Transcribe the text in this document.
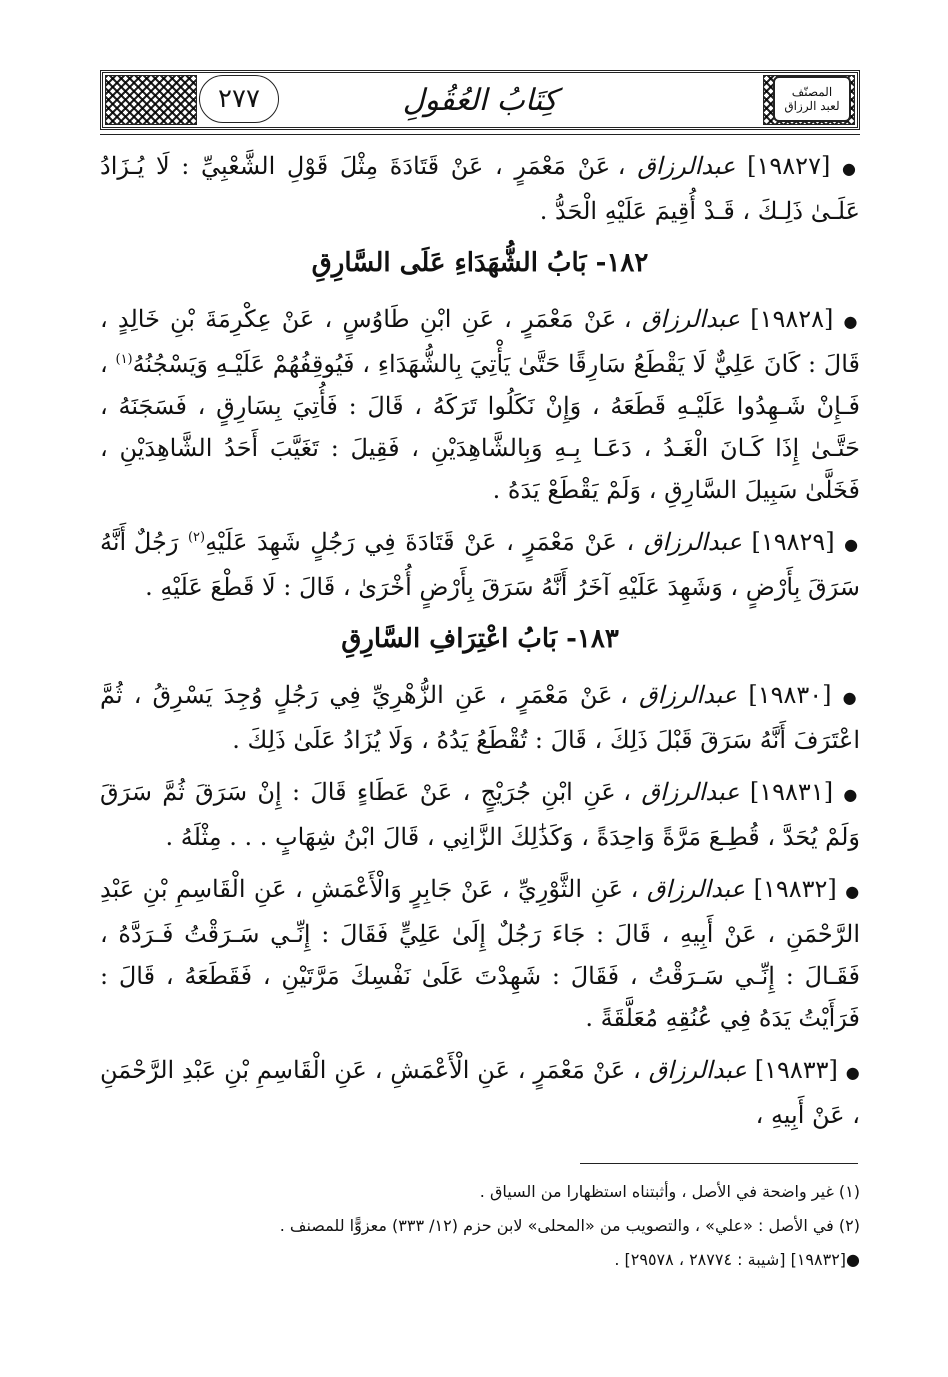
٢٧٧	كِتَابُ العُقُولِ	المصنّف
لعبد الرزاق

● [١٩٨٢٧] عبدالرزاق ، عَنْ مَعْمَرٍ ، عَنْ قَتَادَةَ مِثْلَ قَوْلِ الشَّعْبِيِّ : لَا يُـزَادُ عَلَـىٰ ذَلِـكَ ، قَـدْ أُقِيمَ عَلَيْهِ الْحَدُّ .

١٨٢- بَابُ الشُّهَدَاءِ عَلَى السَّارِقِ

● [١٩٨٢٨] عبدالرزاق ، عَنْ مَعْمَرٍ ، عَنِ ابْنِ طَاوُسٍ ، عَنْ عِكْرِمَةَ بْنِ خَالِدٍ ، قَالَ : كَانَ عَلِيٌّ لَا يَقْطَعُ سَارِقًا حَتَّىٰ يَأْتِيَ بِالشُّهَدَاءِ ، فَيُوقِفُهُمْ عَلَيْـهِ وَيَسْجُنُهُ$^{(١)}$ ، فَـإِنْ شَـهِدُوا عَلَيْـهِ قَطَعَهُ ، وَإِنْ نَكَلُوا تَرَكَهُ ، قَالَ : فَأُتِيَ بِسَارِقٍ ، فَسَجَنَهُ ، حَتَّـىٰ إِذَا كَـانَ الْغَـدُ ، دَعَـا بِـهِ وَبِالشَّاهِدَيْنِ ، فَقِيلَ : تَغَيَّبَ أَحَدُ الشَّاهِدَيْنِ ، فَخَلَّىٰ سَبِيلَ السَّارِقِ ، وَلَمْ يَقْطَعْ يَدَهُ .

● [١٩٨٢٩] عبدالرزاق ، عَنْ مَعْمَرٍ ، عَنْ قَتَادَةَ فِي رَجُلٍ شَهِدَ عَلَيْهِ$^{(٢)}$ رَجُلٌ أَنَّهُ سَرَقَ بِأَرْضٍ ، وَشَهِدَ عَلَيْهِ آخَرُ أَنَّهُ سَرَقَ بِأَرْضٍ أُخْرَىٰ ، قَالَ : لَا قَطْعَ عَلَيْهِ .

١٨٣- بَابُ اعْتِرَافِ السَّارِقِ

● [١٩٨٣٠] عبدالرزاق ، عَنْ مَعْمَرٍ ، عَنِ الزُّهْرِيِّ فِي رَجُلٍ وُجِدَ يَسْرِقُ ، ثُمَّ اعْتَرَفَ أَنَّهُ سَرَقَ قَبْلَ ذَلِكَ ، قَالَ : تُقْطَعُ يَدُهُ ، وَلَا يُزَادُ عَلَىٰ ذَلِكَ .

● [١٩٨٣١] عبدالرزاق ، عَنِ ابْنِ جُرَيْجٍ ، عَنْ عَطَاءٍ قَالَ : إِنْ سَرَقَ ثُمَّ سَرَقَ وَلَمْ يُحَدَّ ، قُطِـعَ مَرَّةً وَاحِدَةً ، وَكَذَٰلِكَ الزَّانِي ، قَالَ ابْنُ شِهَابٍ . . . مِثْلَهُ .

● [١٩٨٣٢] عبدالرزاق ، عَنِ الثَّوْرِيِّ ، عَنْ جَابِرٍ وَالْأَعْمَشِ ، عَنِ الْقَاسِمِ بْنِ عَبْدِ الرَّحْمَنِ ، عَنْ أَبِيهِ ، قَالَ : جَاءَ رَجُلٌ إِلَىٰ عَلِيٍّ فَقَالَ : إِنِّـي سَـرَقْتُ فَـرَدَّهُ ، فَقَـالَ : إِنِّـي سَـرَقْتُ ، فَقَالَ : شَهِدْتَ عَلَىٰ نَفْسِكَ مَرَّتَيْنِ ، فَقَطَعَهُ ، قَالَ : فَرَأَيْتُ يَدَهُ فِي عُنُقِهِ مُعَلَّقَةً .

● [١٩٨٣٣] عبدالرزاق ، عَنْ مَعْمَرٍ ، عَنِ الْأَعْمَشِ ، عَنِ الْقَاسِمِ بْنِ عَبْدِ الرَّحْمَنِ ، عَنْ أَبِيهِ ،

(١) غير واضحة في الأصل ، وأثبتناه استظهارا من السياق .

(٢) في الأصل : «علي» ، والتصويب من «المحلى» لابن حزم (١٢/ ٣٣٣) معزوًّا للمصنف .

●[١٩٨٣٢] [شيبة : ٢٨٧٧٤ ، ٢٩٥٧٨] .
